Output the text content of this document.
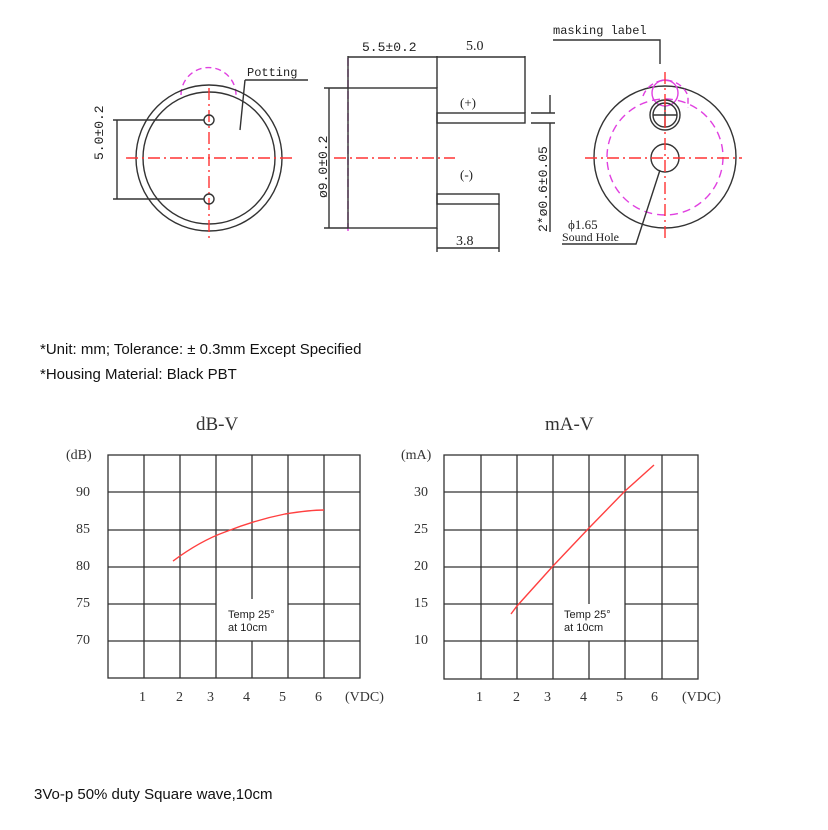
Potting
5.0±0.2
5.5±0.2	5.0
3.8
ø9.0±0.2	2*ø0.6±0.05
(+)
(-)
masking label
ϕ1.65
Sound Hole
*Unit: mm; Tolerance: ± 0.3mm Except Specified
*Housing Material: Black PBT
dB-V
(dB)
90
85
80
75
70
Temp 25°
at 10cm
1 2 3 4 5 6 (VDC)
mA-V
(mA)
30
25
20
15
10
Temp 25°
at 10cm
1 2 3 4 5 6 (VDC)
3Vo-p 50% duty Square wave,10cm
